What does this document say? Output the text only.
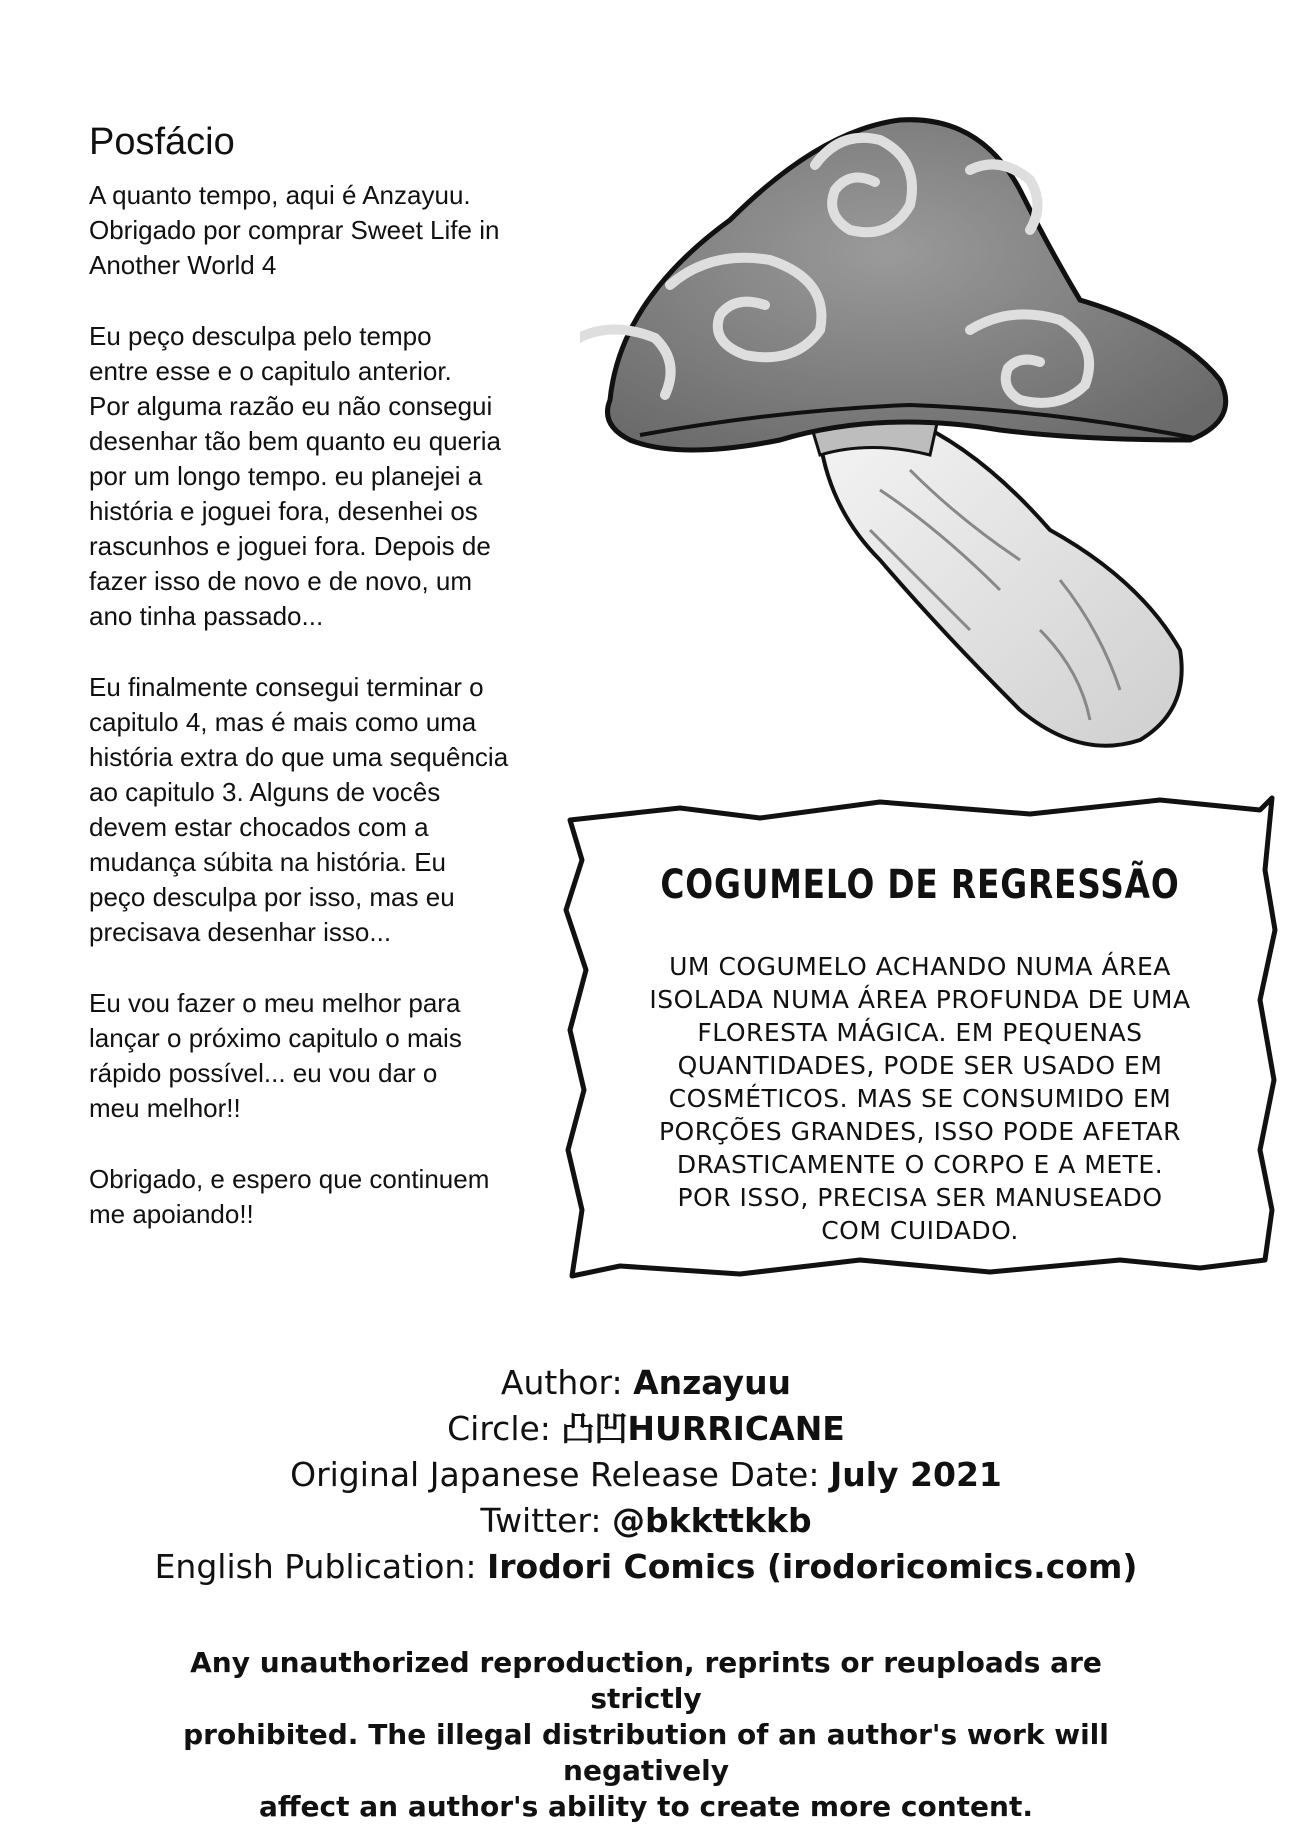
Posfácio

A quanto tempo, aqui é Anzayuu.
Obrigado por comprar Sweet Life in
Another World 4

Eu peço desculpa pelo tempo
entre esse e o capitulo anterior.
Por alguma razão eu não consegui
desenhar tão bem quanto eu queria
por um longo tempo. eu planejei a
história e joguei fora, desenhei os
rascunhos e joguei fora. Depois de
fazer isso de novo e de novo, um
ano tinha passado...

Eu finalmente consegui terminar o
capitulo 4, mas é mais como uma
história extra do que uma sequência
ao capitulo 3. Alguns de vocês
devem estar chocados com a
mudança súbita na história. Eu
peço desculpa por isso, mas eu
precisava desenhar isso...

Eu vou fazer o meu melhor para
lançar o próximo capitulo o mais
rápido possível... eu vou dar o
meu melhor!!

Obrigado, e espero que continuem
me apoiando!!

COGUMELO DE REGRESSÃO
UM COGUMELO ACHANDO NUMA ÁREA
ISOLADA NUMA ÁREA PROFUNDA DE UMA
FLORESTA MÁGICA. EM PEQUENAS
QUANTIDADES, PODE SER USADO EM
COSMÉTICOS. MAS SE CONSUMIDO EM
PORÇÕES GRANDES, ISSO PODE AFETAR
DRASTICAMENTE O CORPO E A METE.
POR ISSO, PRECISA SER MANUSEADO
COM CUIDADO.
Author: Anzayuu
Circle: 凸凹HURRICANE
Original Japanese Release Date: July 2021
Twitter: @bkkttkkb
English Publication: Irodori Comics (irodoricomics.com)
Any unauthorized reproduction, reprints or reuploads are strictly
prohibited. The illegal distribution of an author's work will negatively
affect an author's ability to create more content.
